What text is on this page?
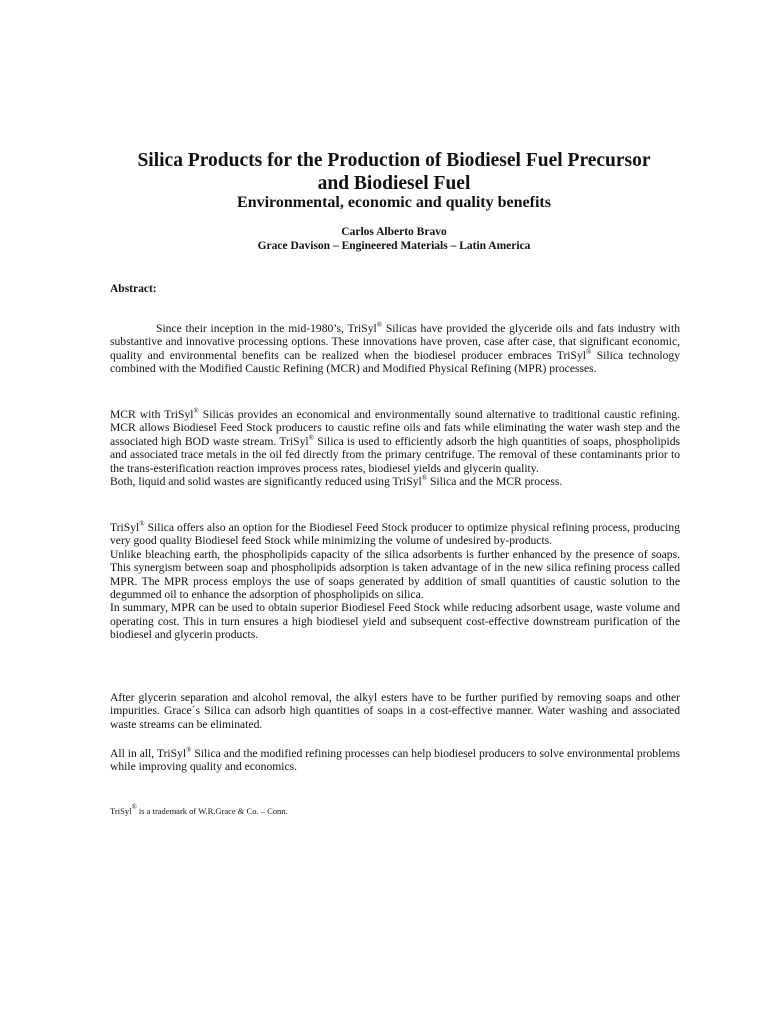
Silica Products for the Production of Biodiesel Fuel Precursor
and Biodiesel Fuel
Environmental, economic and quality benefits
Carlos Alberto Bravo
Grace Davison – Engineered Materials – Latin America
Abstract:

Since their inception in the mid-1980’s, TriSyl® Silicas have provided the glyceride oils and fats industry with substantive and innovative processing options. These innovations have proven, case after case, that significant economic, quality and environmental benefits can be realized when the biodiesel producer embraces TriSyl® Silica technology combined with the Modified Caustic Refining (MCR) and Modified Physical Refining (MPR) processes.

MCR with TriSyl® Silicas provides an economical and environmentally sound alternative to traditional caustic refining. MCR allows Biodiesel Feed Stock producers to caustic refine oils and fats while eliminating the water wash step and the associated high BOD waste stream. TriSyl® Silica is used to efficiently adsorb the high quantities of soaps, phospholipids and associated trace metals in the oil fed directly from the primary centrifuge. The removal of these contaminants prior to the trans-esterification reaction improves process rates, biodiesel yields and glycerin quality.

Both, liquid and solid wastes are significantly reduced using TriSyl® Silica and the MCR process.

TriSyl® Silica offers also an option for the Biodiesel Feed Stock producer to optimize physical refining process, producing very good quality Biodiesel feed Stock while minimizing the volume of undesired by-products.

Unlike bleaching earth, the phospholipids capacity of the silica adsorbents is further enhanced by the presence of soaps. This synergism between soap and phospholipids adsorption is taken advantage of in the new silica refining process called MPR. The MPR process employs the use of soaps generated by addition of small quantities of caustic solution to the degummed oil to enhance the adsorption of phospholipids on silica.

In summary, MPR can be used to obtain superior Biodiesel Feed Stock while reducing adsorbent usage, waste volume and operating cost. This in turn ensures a high biodiesel yield and subsequent cost-effective downstream purification of the biodiesel and glycerin products.

After glycerin separation and alcohol removal, the alkyl esters have to be further purified by removing soaps and other impurities. Grace´s Silica can adsorb high quantities of soaps in a cost-effective manner. Water washing and associated waste streams can be eliminated.

All in all, TriSyl® Silica and the modified refining processes can help biodiesel producers to solve environmental problems while improving quality and economics.

TriSyl® is a trademark of W.R.Grace & Co. – Conn.
